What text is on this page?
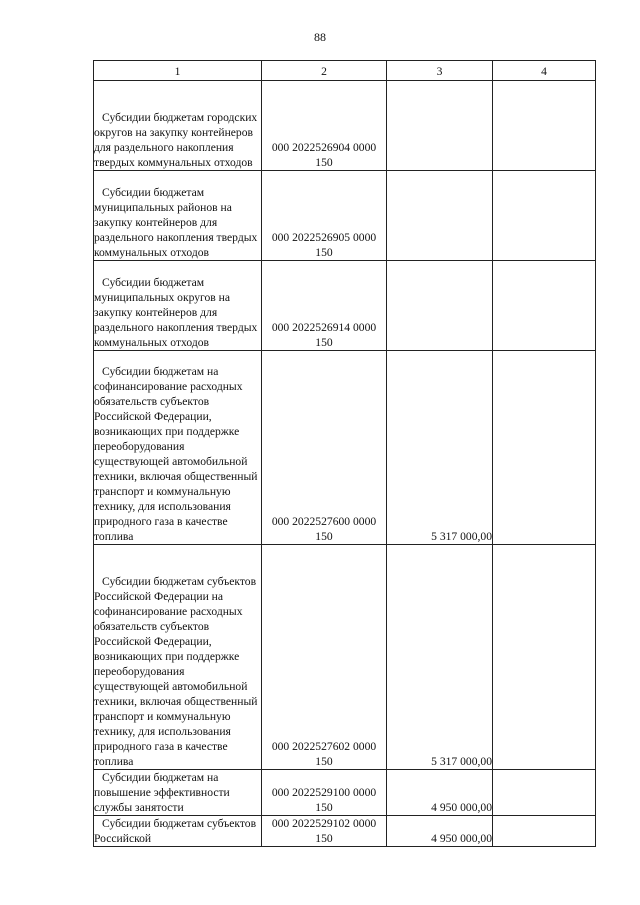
88
1	2	3	4

Субсидии бюджетам городских округов на закупку контейнеров для раздельного накопления твердых коммунальных отходов	000 2022526904 0000 150		

Субсидии бюджетам муниципальных районов на закупку контейнеров для раздельного накопления твердых коммунальных отходов	000 2022526905 0000 150		

Субсидии бюджетам муниципальных округов на закупку контейнеров для раздельного накопления твердых коммунальных отходов	000 2022526914 0000 150		

Субсидии бюджетам на софинансирование расходных обязательств субъектов Российской Федерации, возникающих при поддержке переоборудования существующей автомобильной техники, включая общественный транспорт и коммунальную технику, для использования природного газа в качестве топлива	000 2022527600 0000 150	5 317 000,00	

Субсидии бюджетам субъектов Российской Федерации на софинансирование расходных обязательств субъектов Российской Федерации, возникающих при поддержке переоборудования существующей автомобильной техники, включая общественный транспорт и коммунальную технику, для использования природного газа в качестве топлива	000 2022527602 0000 150	5 317 000,00	

Субсидии бюджетам на повышение эффективности службы занятости	000 2022529100 0000 150	4 950 000,00	

Субсидии бюджетам субъектов Российской	000 2022529102 0000 150	4 950 000,00	
